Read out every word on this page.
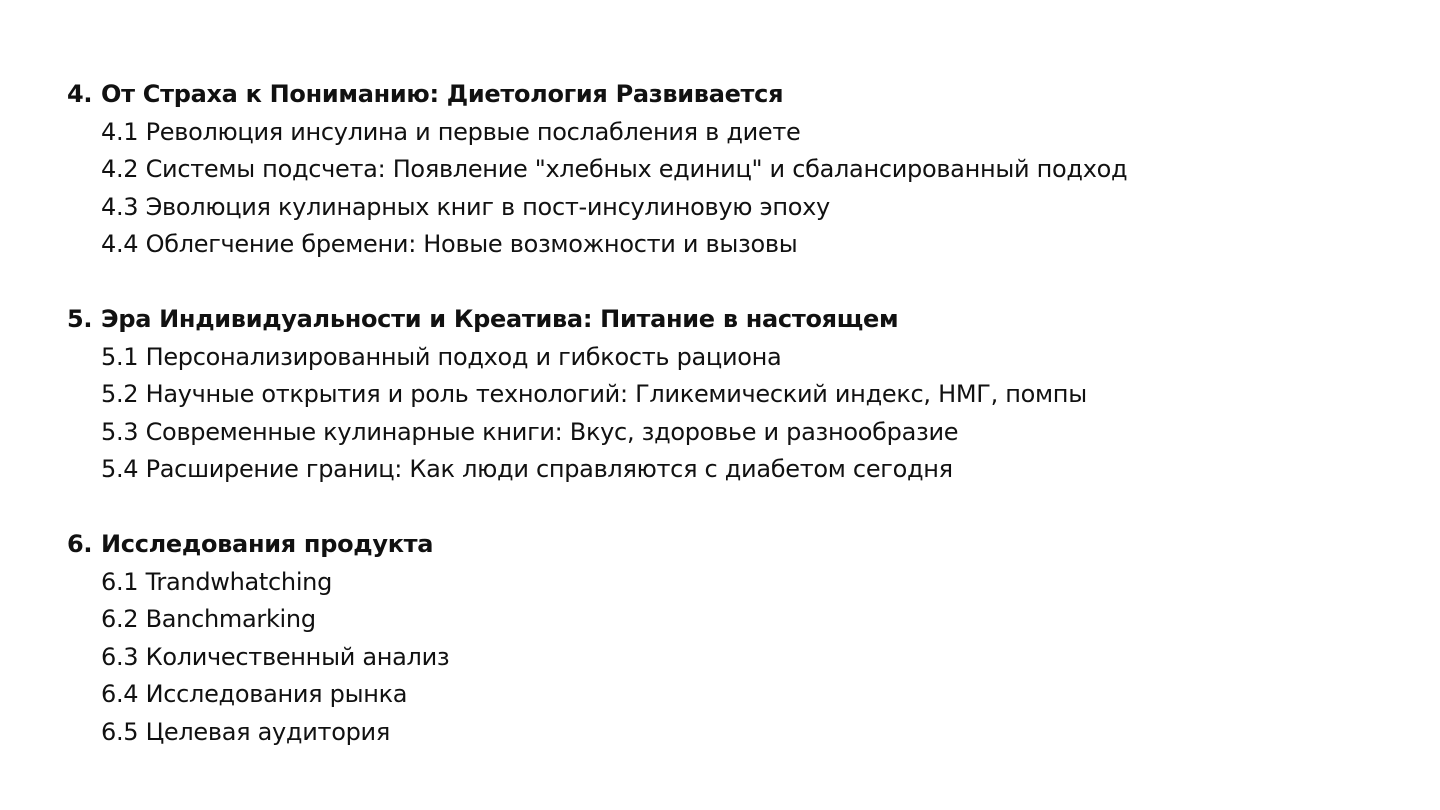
4. От Страха к Пониманию: Диетология Развивается
4.1 Революция инсулина и первые послабления в диете
4.2 Системы подсчета: Появление "хлебных единиц" и сбалансированный подход
4.3 Эволюция кулинарных книг в пост-инсулиновую эпоху
4.4 Облегчение бремени: Новые возможности и вызовы
5. Эра Индивидуальности и Креатива: Питание в настоящем
5.1 Персонализированный подход и гибкость рациона
5.2 Научные открытия и роль технологий: Гликемический индекс, НМГ, помпы
5.3 Современные кулинарные книги: Вкус, здоровье и разнообразие
5.4 Расширение границ: Как люди справляются с диабетом сегодня
6. Исследования продукта
6.1 Trandwhatching
6.2 Banchmarking
6.3 Количественный анализ
6.4 Исследования рынка
6.5 Целевая аудитория
